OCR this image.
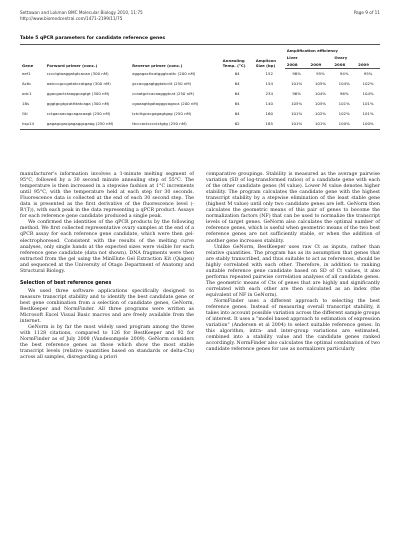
Settawan and Lokman BMC Molecular Biology 2010, 11:75
http://www.biomedcentral.com/1471-2199/11/75
Page 9 of 11
Table 5 qPCR parameters for candidate reference genes
Gene	Forward primer (conc.)	Reverse primer (conc.)	Annealing Temp. (°C)	Amplicon Size (bp)	Amplification efficiency			
					Liver		Ovary	
					2008	2009	2008	2009
eef1	cccctgtaaggatgtcacaa (300 nM)	aggagacttcatgggtcattc (200 nM)	64	152	98%	95%	94%	95%
Actb	aatcccgccgatatccatgag (300 nM)	gccacggagtggtatcctt (250 nM)	64	154	101%	105%	104%	102%
odc1	ggacgactctaaggcagtgt (300 nM)	ccaatgctcacaagggtcat (250 nM)	64	234	96%	104%	96%	104%
18s	gggtgcgtgcattttatcaga (300 nM)	cgaaagttgatagggcagaca (200 nM)	64	140	105%	105%	101%	101%
Gtl	cctgacaacagcagacaagt (250 nM)	tctcttgcacgagagtgag (250 nM)	64	160	101%	102%	102%	101%
hsp14	gagagcgacgagaggcgaag (250 nM)	ttcccactcccctctgtg (250 nM)	62	185	101%	101%	100%	100%

manufacturer's information involves a 1-minute melting segment of 95°C, followed by a 30 second minute annealing step of 55°C. The temperature is then increased in a stepwise fashion at 1°C increments until 95°C, with the temperature held at each step for 30 seconds. Fluorescence data is collected at the end of each 30 second step. The data is presented as the first derivative of the fluorescence level (-R'(T)), with each peak in the data representing a qPCR product. Assays for each reference gene candidate produced a single peak.

We confirmed the identities of the qPCR products by the following method. We first collected representative ovary samples at the end of a qPCR assay for each reference gene candidate, which were then gel-electrophoresed. Consistent with the results of the melting curve analyses, only single bands at the expected sizes were visible for each reference gene candidate (data not shown). DNA fragments were then extracted from the gel using the MinElute Gel Extraction Kit (Qiagen) and sequenced at the University of Otago Department of Anatomy and Structural Biology.

Selection of best reference genes

We used three software applications specifically designed to measure transcript stability and to identify the best candidate gene or best gene combination from a selection of candidate genes, GeNorm, BestKeeper and NormFinder. All three programs were written as Microsoft Excel Visual Basic macros and are freely available from the internet.

GeNorm is by far the most widely used program among the three with 1128 citations, compared to 126 for BestKeeper and 92 for NormFinder as of July 2008 (Vandesompele 2009). GeNorm considers the best reference genes as those which show the most stable transcript levels (relative quantities based on standards or delta-Cts) across all samples, disregarding a priori

comparative groupings. Stability is measured as the average pairwise variation (SD of log-transformed ratios) of a candidate gene with each of the other candidate genes (M value). Lower M value denotes higher stability. The program calculates the candidate gene with the highest transcript stability by a stepwise elimination of the least stable gene (highest M value) until only two candidate genes are left. GeNorm then calculates the geometric means of this pair of genes to become the normalization factors (NF) that can be used to normalize the transcript levels of target genes. GeNorm also calculates the optimal number of reference genes, which is useful when geometric means of the two best reference genes are not sufficiently stable, or when the addition of another gene increases stability.

Unlike GeNorm, BestKeeper uses raw Ct as inputs, rather than relative quantities. The program has as its assumption that genes that are stably transcribed, and thus suitable to act as references, should be highly correlated with each other. Therefore, in addition to ranking suitable reference gene candidate based on SD of Ct values, it also performs repeated pairwise correlation analyses of all candidate genes. The geometric means of Cts of genes that are highly and significantly correlated with each other are then calculated as an index (the equivalent of NF in GeNorm).

NormFinder uses a different approach to selecting the best reference genes. Instead of measuring overall transcript stability, it takes into account possible variation across the different sample groups of interest. It uses a "model based approach to estimation of expression variation" (Andersen et al 2004) to select suitable reference genes. In this algorithm, intra- and inter-group variations are estimated, combined into a stability value and the candidate genes ranked accordingly. NormFinder also calculates the optimal combination of two candidate reference genes for use as normalizers particularly
